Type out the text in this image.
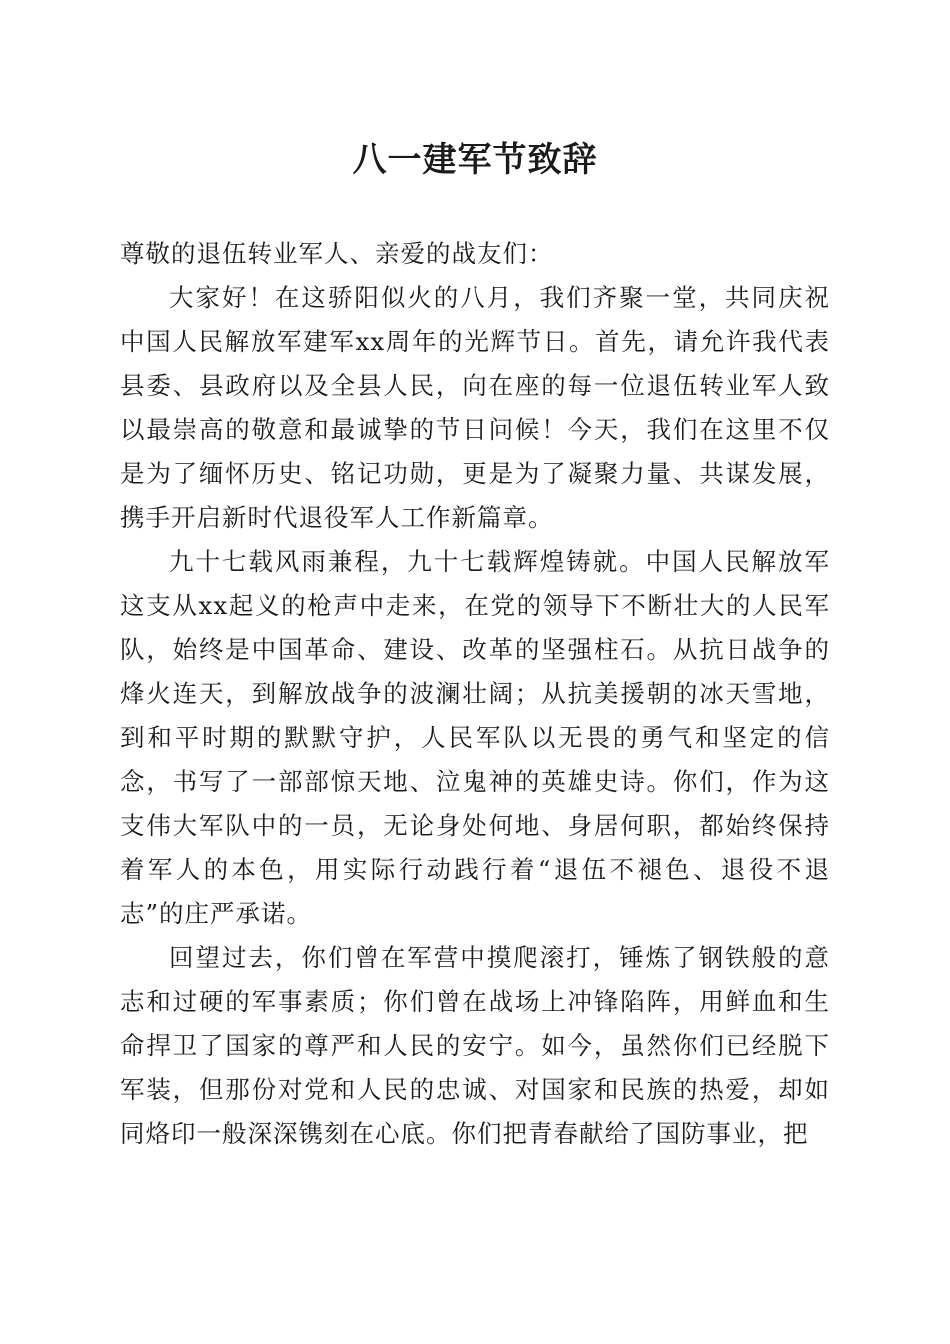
八一建军节致辞

尊敬的退伍转业军人、亲爱的战友们：

大家好！在这骄阳似火的八月，我们齐聚一堂，共同庆祝中国人民解放军建军xx周年的光辉节日。首先，请允许我代表县委、县政府以及全县人民，向在座的每一位退伍转业军人致以最崇高的敬意和最诚挚的节日问候！今天，我们在这里不仅是为了缅怀历史、铭记功勋，更是为了凝聚力量、共谋发展，携手开启新时代退役军人工作新篇章。

九十七载风雨兼程，九十七载辉煌铸就。中国人民解放军这支从xx起义的枪声中走来，在党的领导下不断壮大的人民军队，始终是中国革命、建设、改革的坚强柱石。从抗日战争的烽火连天，到解放战争的波澜壮阔；从抗美援朝的冰天雪地，到和平时期的默默守护，人民军队以无畏的勇气和坚定的信念，书写了一部部惊天地、泣鬼神的英雄史诗。你们，作为这支伟大军队中的一员，无论身处何地、身居何职，都始终保持着军人的本色，用实际行动践行着“退伍不褪色、退役不退志”的庄严承诺。

回望过去，你们曾在军营中摸爬滚打，锤炼了钢铁般的意志和过硬的军事素质；你们曾在战场上冲锋陷阵，用鲜血和生命捍卫了国家的尊严和人民的安宁。如今，虽然你们已经脱下军装，但那份对党和人民的忠诚、对国家和民族的热爱，却如同烙印一般深深镌刻在心底。你们把青春献给了国防事业，把
